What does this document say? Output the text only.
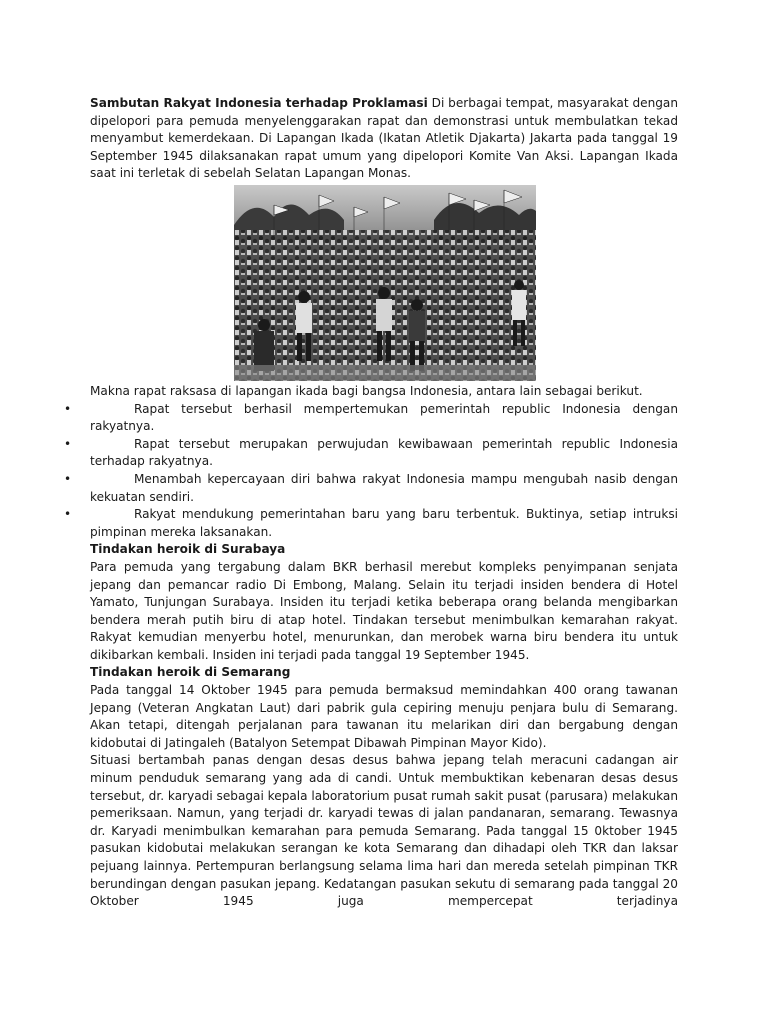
Sambutan Rakyat Indonesia terhadap Proklamasi Di berbagai tempat, masyarakat dengan dipelopori para pemuda menyelenggarakan rapat dan demonstrasi untuk membulatkan tekad menyambut kemerdekaan. Di Lapangan Ikada (Ikatan Atletik Djakarta) Jakarta pada tanggal 19 September 1945 dilaksanakan rapat umum yang dipelopori Komite Van Aksi. Lapangan Ikada saat ini terletak di sebelah Selatan Lapangan Monas.

Makna rapat raksasa di lapangan ikada bagi bangsa Indonesia, antara lain sebagai berikut.

•	Rapat tersebut berhasil mempertemukan pemerintah republic Indonesia dengan rakyatnya.
•	Rapat tersebut merupakan perwujudan kewibawaan pemerintah republic Indonesia terhadap rakyatnya.
•	Menambah kepercayaan diri bahwa rakyat Indonesia mampu mengubah nasib dengan kekuatan sendiri.
•	Rakyat mendukung pemerintahan baru yang baru terbentuk. Buktinya, setiap intruksi pimpinan mereka laksanakan.

Tindakan heroik di Surabaya

Para pemuda yang tergabung dalam BKR berhasil merebut kompleks penyimpanan senjata jepang dan pemancar radio Di Embong, Malang. Selain itu terjadi insiden bendera di Hotel Yamato, Tunjungan Surabaya. Insiden itu terjadi ketika beberapa orang belanda mengibarkan bendera merah putih biru di atap hotel. Tindakan tersebut menimbulkan kemarahan rakyat. Rakyat kemudian menyerbu hotel, menurunkan, dan merobek warna biru bendera itu untuk dikibarkan kembali. Insiden ini terjadi pada tanggal 19 September 1945.

Tindakan heroik di Semarang

Pada tanggal 14 Oktober 1945 para pemuda bermaksud memindahkan 400 orang tawanan Jepang (Veteran Angkatan Laut) dari pabrik gula cepiring menuju penjara bulu di Semarang. Akan tetapi, ditengah perjalanan para tawanan itu melarikan diri dan bergabung dengan kidobutai di Jatingaleh (Batalyon Setempat Dibawah Pimpinan Mayor Kido).

Situasi bertambah panas dengan desas desus bahwa jepang telah meracuni cadangan air minum penduduk semarang yang ada di candi. Untuk membuktikan kebenaran desas desus tersebut, dr. karyadi sebagai kepala laboratorium pusat rumah sakit pusat (parusara) melakukan pemeriksaan. Namun, yang terjadi dr. karyadi tewas di jalan pandanaran, semarang. Tewasnya dr. Karyadi menimbulkan kemarahan para pemuda Semarang. Pada tanggal 15 0ktober 1945 pasukan kidobutai melakukan serangan ke kota Semarang dan dihadapi oleh TKR dan laksar pejuang lainnya. Pertempuran berlangsung selama lima hari dan mereda setelah pimpinan TKR berundingan dengan pasukan jepang. Kedatangan pasukan sekutu di semarang pada tanggal 20 Oktober 1945 juga mempercepat terjadinya
